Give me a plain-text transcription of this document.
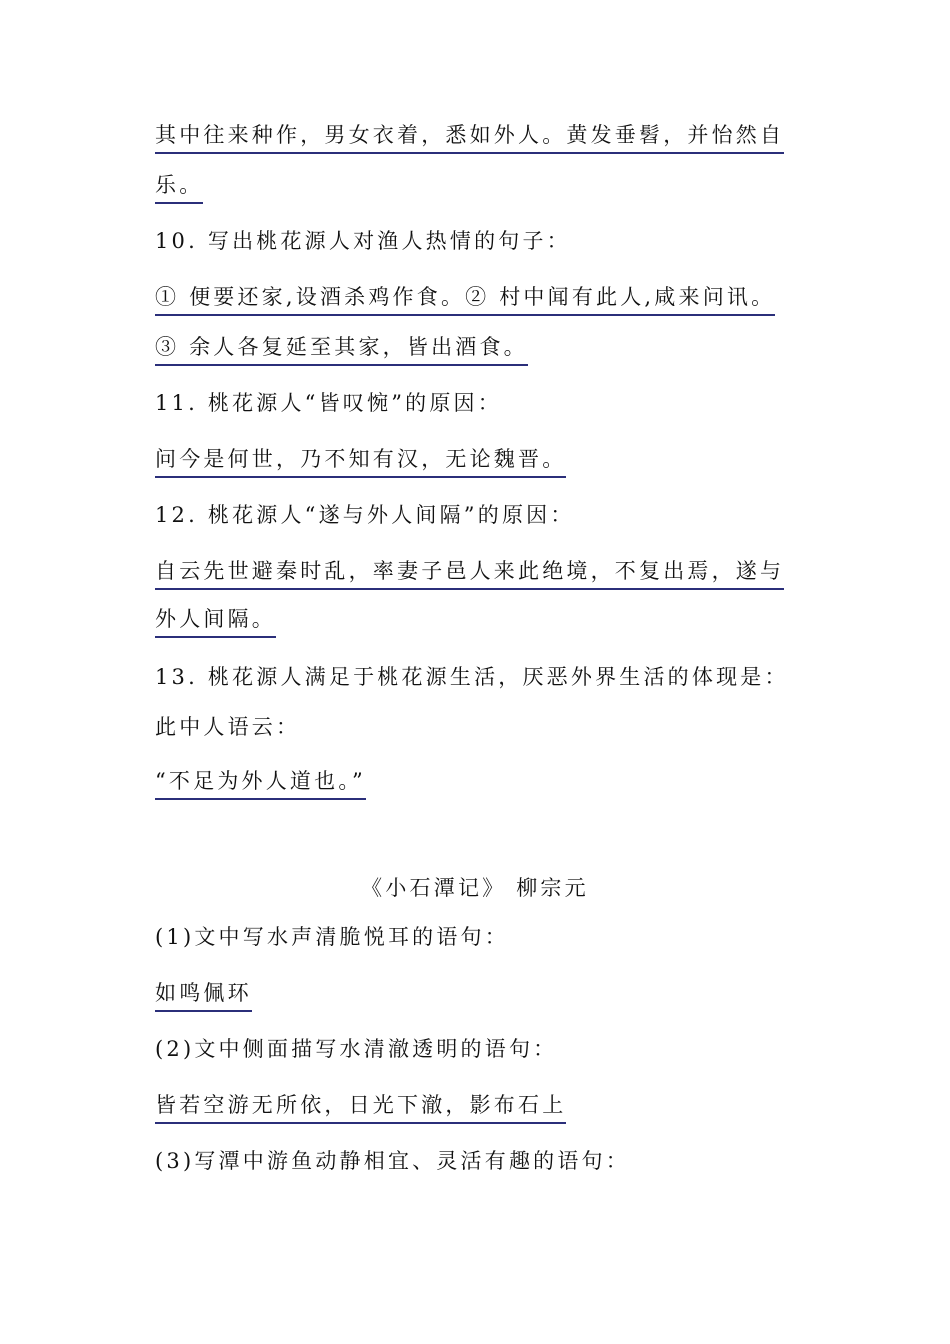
其中往来种作，男女衣着，悉如外人。黄发垂髫，并怡然自
乐。
10. 写出桃花源人对渔人热情的句子：
① 便要还家,设酒杀鸡作食。② 村中闻有此人,咸来问讯。
③ 余人各复延至其家，皆出酒食。
11. 桃花源人“皆叹惋”的原因：
问今是何世，乃不知有汉，无论魏晋。
12. 桃花源人“遂与外人间隔”的原因：
自云先世避秦时乱，率妻子邑人来此绝境，不复出焉，遂与
外人间隔。
13. 桃花源人满足于桃花源生活，厌恶外界生活的体现是：
此中人语云：
“不足为外人道也。”
《小石潭记》 柳宗元
(1)文中写水声清脆悦耳的语句：
如鸣佩环
(2)文中侧面描写水清澈透明的语句：
皆若空游无所依，日光下澈，影布石上
(3)写潭中游鱼动静相宜、灵活有趣的语句：
